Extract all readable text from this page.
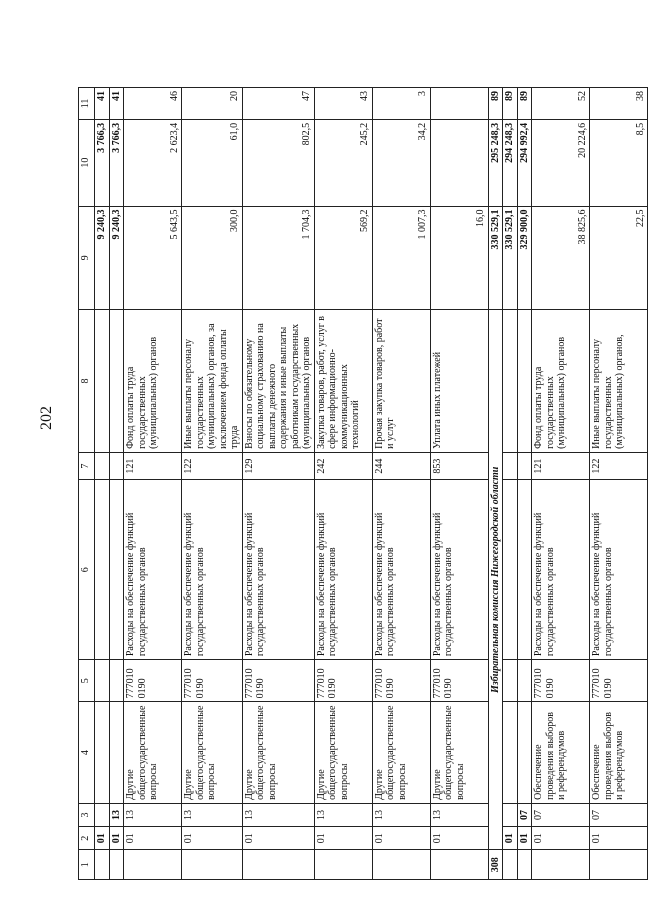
202
1	2	3	4	5	6	7	8	9	10	11
	01							9 240,3	3 766,3	41
	01	13						9 240,3	3 766,3	41
	01	13	Другие общегосударственные вопросы	777010 0190	Расходы на обеспечение функций государственных органов	121	Фонд оплаты труда государственных (муниципальных) органов	5 643,5	2 623,4	46
	01	13	Другие общегосударственные вопросы	777010 0190	Расходы на обеспечение функций государственных органов	122	Иные выплаты персоналу государственных (муниципальных) органов, за исключением фонда оплаты труда	300,0	61,0	20
	01	13	Другие общегосударственные вопросы	777010 0190	Расходы на обеспечение функций государственных органов	129	Взносы по обязательному социальному страхованию на выплаты денежного содержания и иные выплаты работникам государственных (муниципальных) органов	1 704,3	802,5	47
	01	13	Другие общегосударственные вопросы	777010 0190	Расходы на обеспечение функций государственных органов	242	Закупка товаров, работ, услуг в сфере информационно-коммуникационных технологий	569,2	245,2	43
	01	13	Другие общегосударственные вопросы	777010 0190	Расходы на обеспечение функций государственных органов	244	Прочая закупка товаров, работ и услуг	1 007,3	34,2	3
	01	13	Другие общегосударственные вопросы	777010 0190	Расходы на обеспечение функций государственных органов	853	Уплата иных платежей	16,0		
308	Избирательная комиссия Нижегородской области							330 529,1	295 248,3	89
	01							330 529,1	294 248,3	89
	01	07						329 900,0	294 992,4	89
	01	07	Обеспечение проведения выборов и референдумов	777010 0190	Расходы на обеспечение функций государственных органов	121	Фонд оплаты труда государственных (муниципальных) органов	38 825,6	20 224,6	52
	01	07	Обеспечение проведения выборов и референдумов	777010 0190	Расходы на обеспечение функций государственных органов	122	Иные выплаты персоналу государственных (муниципальных) органов,	22,5	8,5	38
